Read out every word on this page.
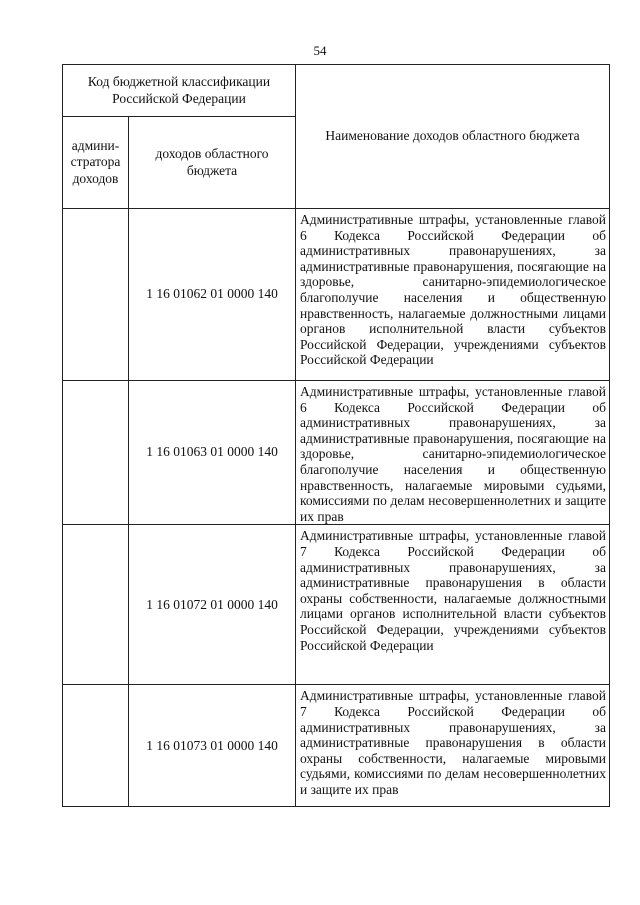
54
Код бюджетной классификации Российской Федерации		Наименование доходов областного бюджета
админи-стратора доходов	доходов областного бюджета	
	1 16 01062 01 0000 140	Административные штрафы, установленные главой 6 Кодекса Российской Федерации об административных правонарушениях, за административные правонарушения, посягающие на здоровье, санитарно-эпидемиологическое благополучие населения и общественную нравственность, налагаемые должностными лицами органов исполнительной власти субъектов Российской Федерации, учреждениями субъектов Российской Федерации

	1 16 01063 01 0000 140	Административные штрафы, установленные главой 6 Кодекса Российской Федерации об административных правонарушениях, за административные правонарушения, посягающие на здоровье, санитарно-эпидемиологическое благополучие населения и общественную нравственность, налагаемые мировыми судьями, комиссиями по делам несовершеннолетних и защите их прав

	1 16 01072 01 0000 140	Административные штрафы, установленные главой 7 Кодекса Российской Федерации об административных правонарушениях, за административные правонарушения в области охраны собственности, налагаемые должностными лицами органов исполнительной власти субъектов Российской Федерации, учреждениями субъектов Российской Федерации

	1 16 01073 01 0000 140	Административные штрафы, установленные главой 7 Кодекса Российской Федерации об административных правонарушениях, за административные правонарушения в области охраны собственности, налагаемые мировыми судьями, комиссиями по делам несовершеннолетних и защите их прав
